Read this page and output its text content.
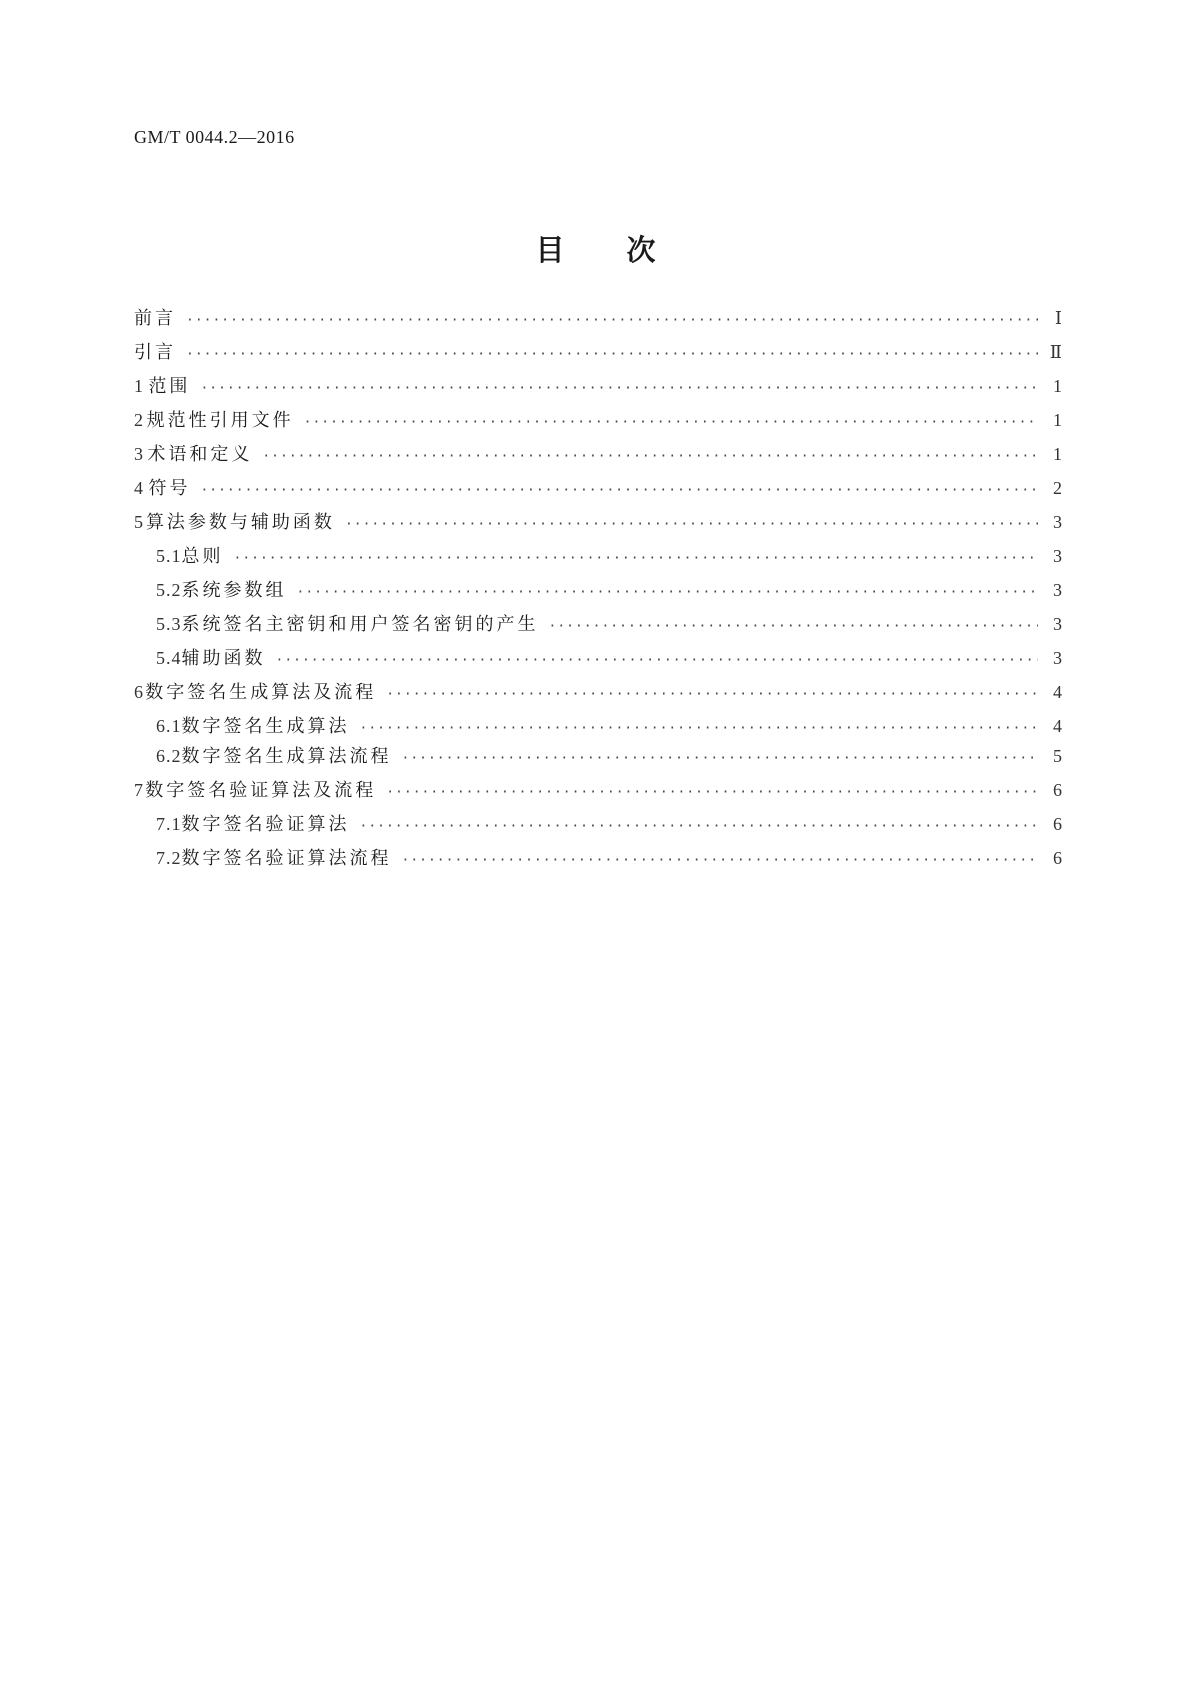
GM/T 0044.2—2016
目次
前言 ·····	Ⅰ
引言 ·····	Ⅱ
1 范围 ·····	1
2 规范性引用文件 ·····	1
3 术语和定义 ·····	1
4 符号 ·····	2
5 算法参数与辅助函数 ·····	3
5.1 总则 ·····	3
5.2 系统参数组 ·····	3
5.3 系统签名主密钥和用户签名密钥的产生 ·····	3
5.4 辅助函数 ·····	3
6 数字签名生成算法及流程 ·····	4
6.1 数字签名生成算法 ·····	4
6.2 数字签名生成算法流程 ·····	5
7 数字签名验证算法及流程 ·····	6
7.1 数字签名验证算法 ·····	6
7.2 数字签名验证算法流程 ·····	6
